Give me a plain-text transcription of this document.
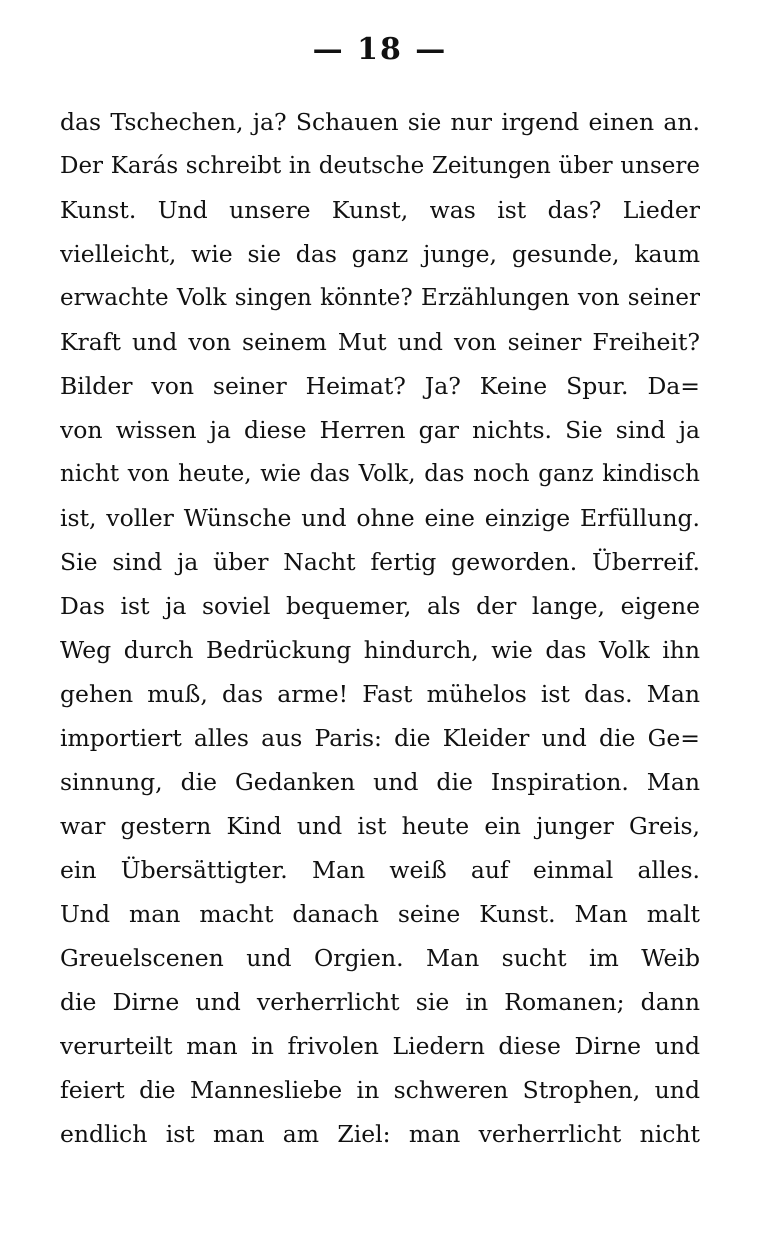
— 18 —
das Tschechen, ja? Schauen sie nur irgend einen an.
Der Karás schreibt in deutsche Zeitungen über unsere
Kunst. Und unsere Kunst, was ist das? Lieder
vielleicht, wie sie das ganz junge, gesunde, kaum
erwachte Volk singen könnte? Erzählungen von seiner
Kraft und von seinem Mut und von seiner Freiheit?
Bilder von seiner Heimat? Ja? Keine Spur. Da=
von wissen ja diese Herren gar nichts. Sie sind ja
nicht von heute, wie das Volk, das noch ganz kindisch
ist, voller Wünsche und ohne eine einzige Erfüllung.
Sie sind ja über Nacht fertig geworden. Überreif.
Das ist ja soviel bequemer, als der lange, eigene
Weg durch Bedrückung hindurch, wie das Volk ihn
gehen muß, das arme! Fast mühelos ist das. Man
importiert alles aus Paris: die Kleider und die Ge=
sinnung, die Gedanken und die Inspiration. Man
war gestern Kind und ist heute ein junger Greis,
ein Übersättigter. Man weiß auf einmal alles.
Und man macht danach seine Kunst. Man malt
Greuelscenen und Orgien. Man sucht im Weib
die Dirne und verherrlicht sie in Romanen; dann
verurteilt man in frivolen Liedern diese Dirne und
feiert die Mannesliebe in schweren Strophen, und
endlich ist man am Ziel: man verherrlicht nicht
